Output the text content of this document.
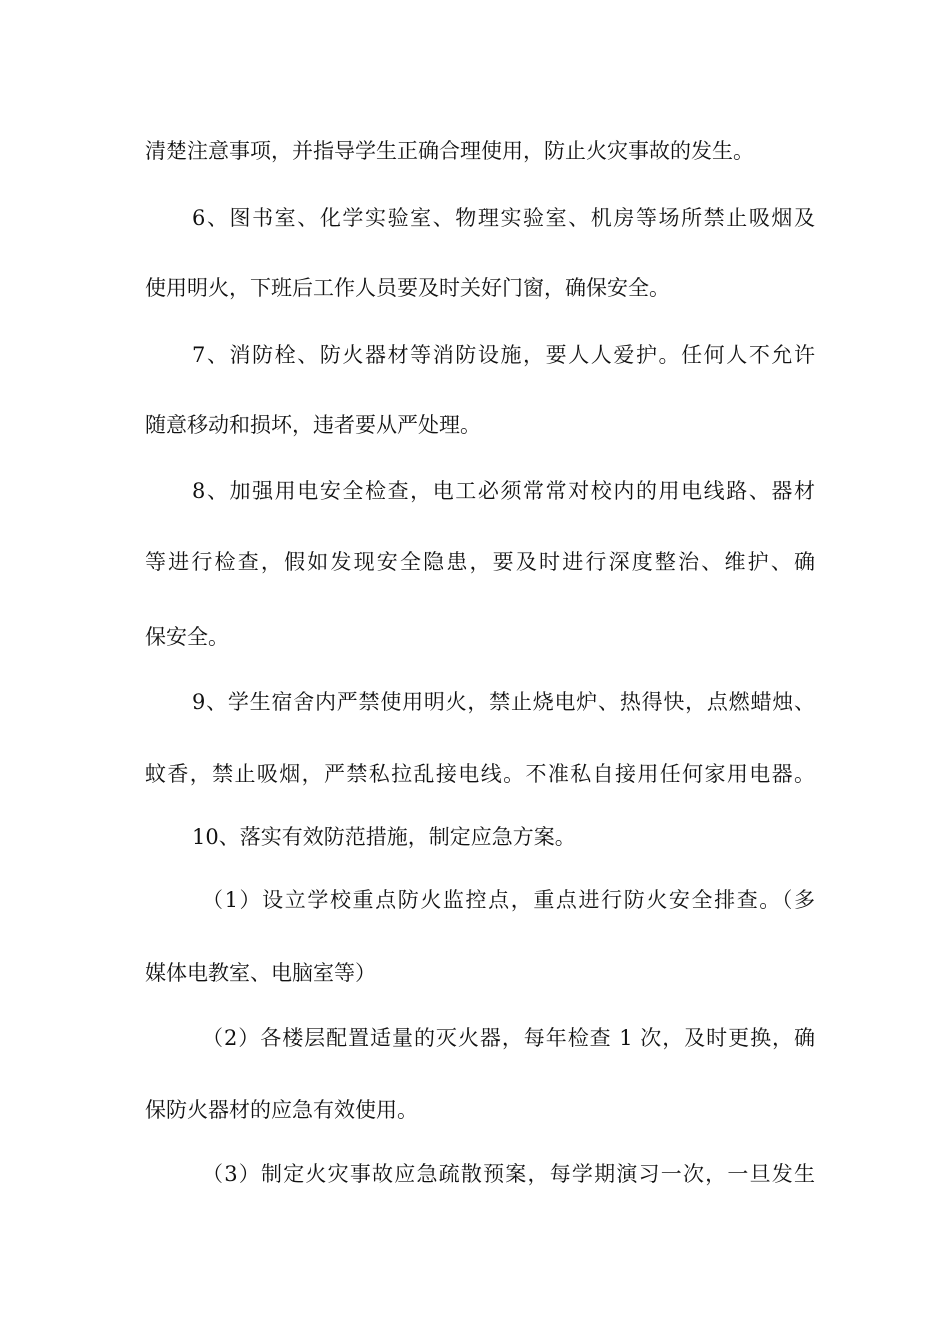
清楚注意事项，并指导学生正确合理使用，防止火灾事故的发生。
6、图书室、化学实验室、物理实验室、机房等场所禁止吸烟及
使用明火，下班后工作人员要及时关好门窗，确保安全。
7、消防栓、防火器材等消防设施，要人人爱护。任何人不允许
随意移动和损坏，违者要从严处理。
8、加强用电安全检查，电工必须常常对校内的用电线路、器材
等进行检查，假如发现安全隐患，要及时进行深度整治、维护、确
保安全。
9、学生宿舍内严禁使用明火，禁止烧电炉、热得快，点燃蜡烛、
蚊香，禁止吸烟，严禁私拉乱接电线。不准私自接用任何家用电器。
10、落实有效防范措施，制定应急方案。
（1）设立学校重点防火监控点，重点进行防火安全排查。（多
媒体电教室、电脑室等）
（2）各楼层配置适量的灭火器，每年检查 1 次，及时更换，确
保防火器材的应急有效使用。
（3）制定火灾事故应急疏散预案，每学期演习一次，一旦发生
